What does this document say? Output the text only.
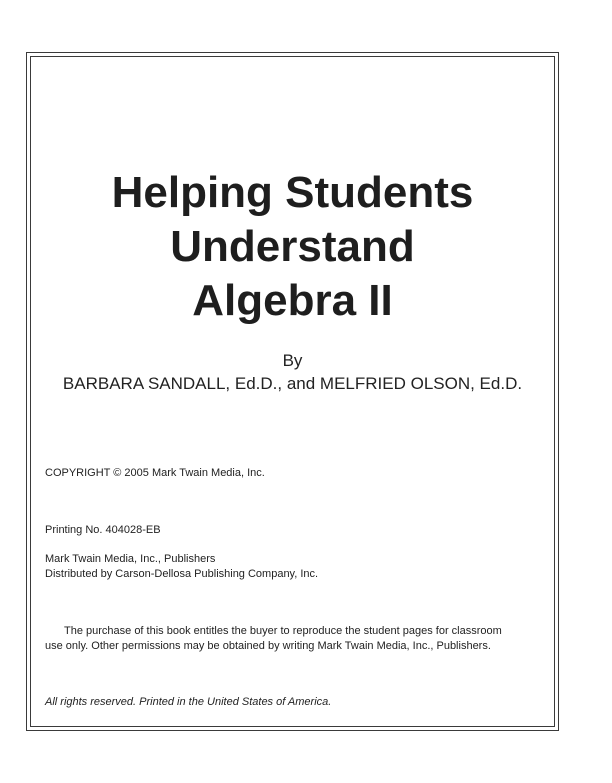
Helping Students
Understand
Algebra II
By
BARBARA SANDALL, Ed.D., and MELFRIED OLSON, Ed.D.
COPYRIGHT © 2005 Mark Twain Media, Inc.
Printing No. 404028-EB
Mark Twain Media, Inc., Publishers
Distributed by Carson-Dellosa Publishing Company, Inc.
The purchase of this book entitles the buyer to reproduce the student pages for classroom
use only. Other permissions may be obtained by writing Mark Twain Media, Inc., Publishers.
All rights reserved. Printed in the United States of America.
